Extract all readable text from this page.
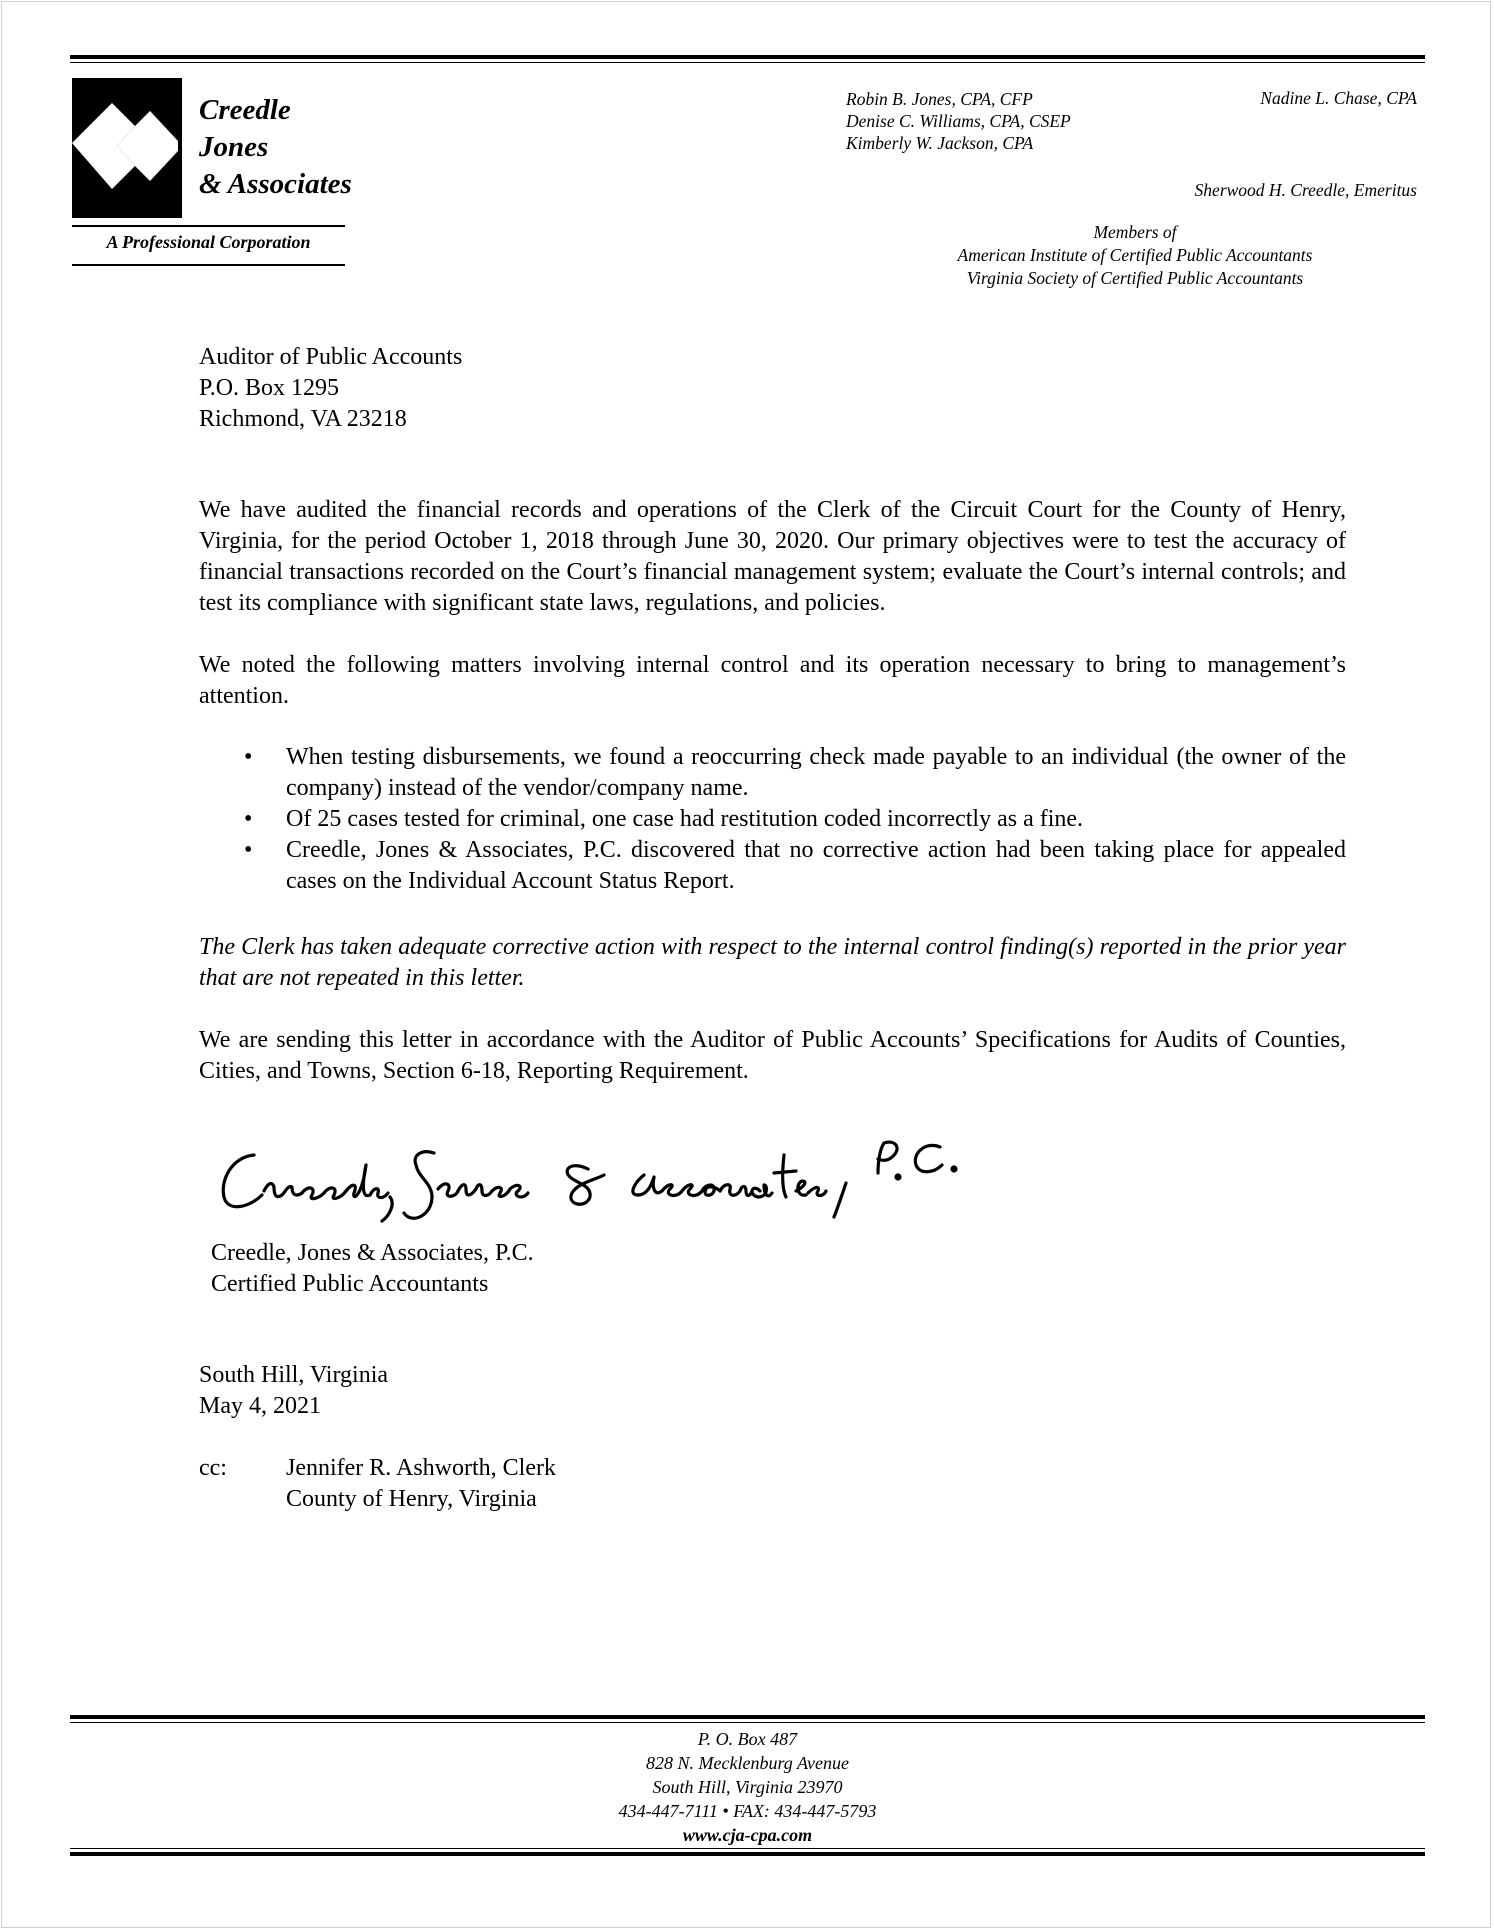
Creedle
Jones
& Associates
A Professional Corporation
Robin B. Jones, CPA, CFP
Denise C. Williams, CPA, CSEP
Kimberly W. Jackson, CPA
Nadine L. Chase, CPA
Sherwood H. Creedle, Emeritus
Members of
American Institute of Certified Public Accountants
Virginia Society of Certified Public Accountants
Auditor of Public Accounts
P.O. Box 1295
Richmond, VA 23218
We have audited the financial records and operations of the Clerk of the Circuit Court for the County of Henry, Virginia, for the period October 1, 2018 through June 30, 2020. Our primary objectives were to test the accuracy of financial transactions recorded on the Court’s financial management system; evaluate the Court’s internal controls; and test its compliance with significant state laws, regulations, and policies.
We noted the following matters involving internal control and its operation necessary to bring to management’s attention.
• When testing disbursements, we found a reoccurring check made payable to an individual (the owner of the company) instead of the vendor/company name.
• Of 25 cases tested for criminal, one case had restitution coded incorrectly as a fine.
• Creedle, Jones & Associates, P.C. discovered that no corrective action had been taking place for appealed cases on the Individual Account Status Report.
The Clerk has taken adequate corrective action with respect to the internal control finding(s) reported in the prior year that are not repeated in this letter.
We are sending this letter in accordance with the Auditor of Public Accounts’ Specifications for Audits of Counties, Cities, and Towns, Section 6-18, Reporting Requirement.
Creedle, Jones & Associates, P.C.
Certified Public Accountants
South Hill, Virginia
May 4, 2021
cc: Jennifer R. Ashworth, Clerk
County of Henry, Virginia
P. O. Box 487
828 N. Mecklenburg Avenue
South Hill, Virginia 23970
434-447-7111 • FAX: 434-447-5793
www.cja-cpa.com
